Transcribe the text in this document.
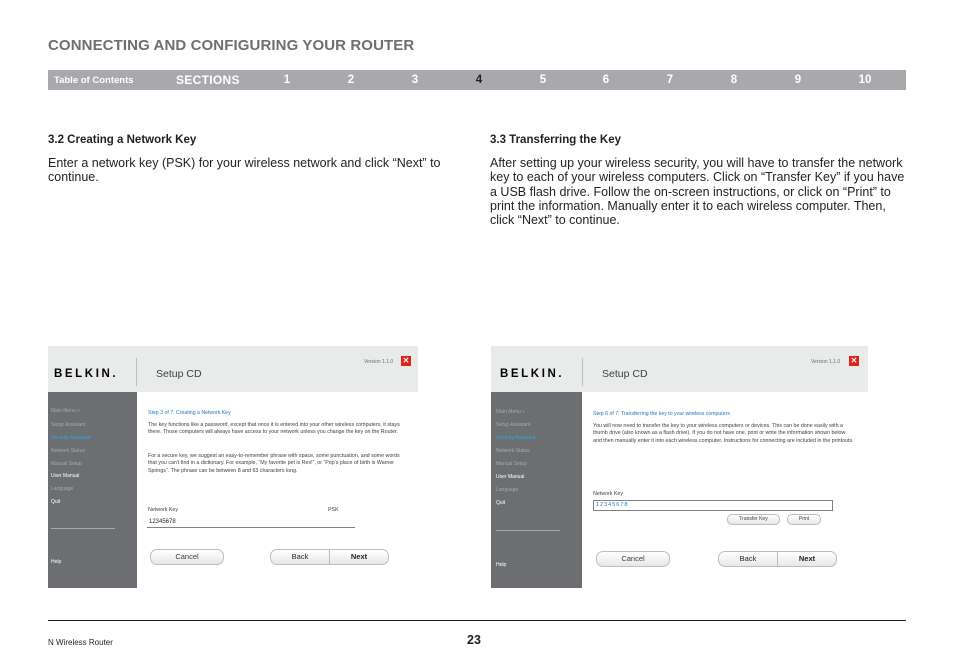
CONNECTING AND CONFIGURING YOUR ROUTER
Table of Contents	SECTIONS	1	2	3	4	5	6	7	8	9	10
3.2 Creating a Network Key
Enter a network key (PSK) for your wireless network and click “Next” to continue.
3.3 Transferring the Key
After setting up your wireless security, you will have to transfer the network key to each of your wireless computers. Click on “Transfer Key” if you have a USB flash drive. Follow the on-screen instructions, or click on “Print” to print the information. Manually enter it to each wireless computer. Then, click “Next” to continue.
BELKIN.	Setup CD
Version 1.1.0 ✕
Main Menu »
Setup Assistant
Security Assistant
Network Status
Manual Setup
User Manual
Language
Quit
Help
Step 3 of 7: Creating a Network Key
The key functions like a password, except that once it is entered into your other wireless computers, it stays there. Those computers will always have access to your network unless you change the key on the Router.
For a secure key, we suggest an easy-to-remember phrase with space, some punctuation, and some words that you can't find in a dictionary. For example, “My favorite pet is Rex!”, or “Pop's place of birth is Warner Springs”. The phrase can be between 8 and 63 characters long.
Network Key	PSK
12345678
Cancel	Back	Next
BELKIN.	Setup CD
Version 1.1.0 ✕
Main Menu »
Setup Assistant
Security Assistant
Network Status
Manual Setup
User Manual
Language
Quit
Help
Step 6 of 7: Transferring the key to your wireless computers
You will now need to transfer the key to your wireless computers or devices. This can be done easily with a thumb drive (also known as a flash drive). If you do not have one, print or write the information shown below and then manually enter it into each wireless computer. Instructions for connecting are included in the printouts.
Network Key
12345678
Transfer Key	Print
Cancel	Back	Next
N Wireless Router	23
